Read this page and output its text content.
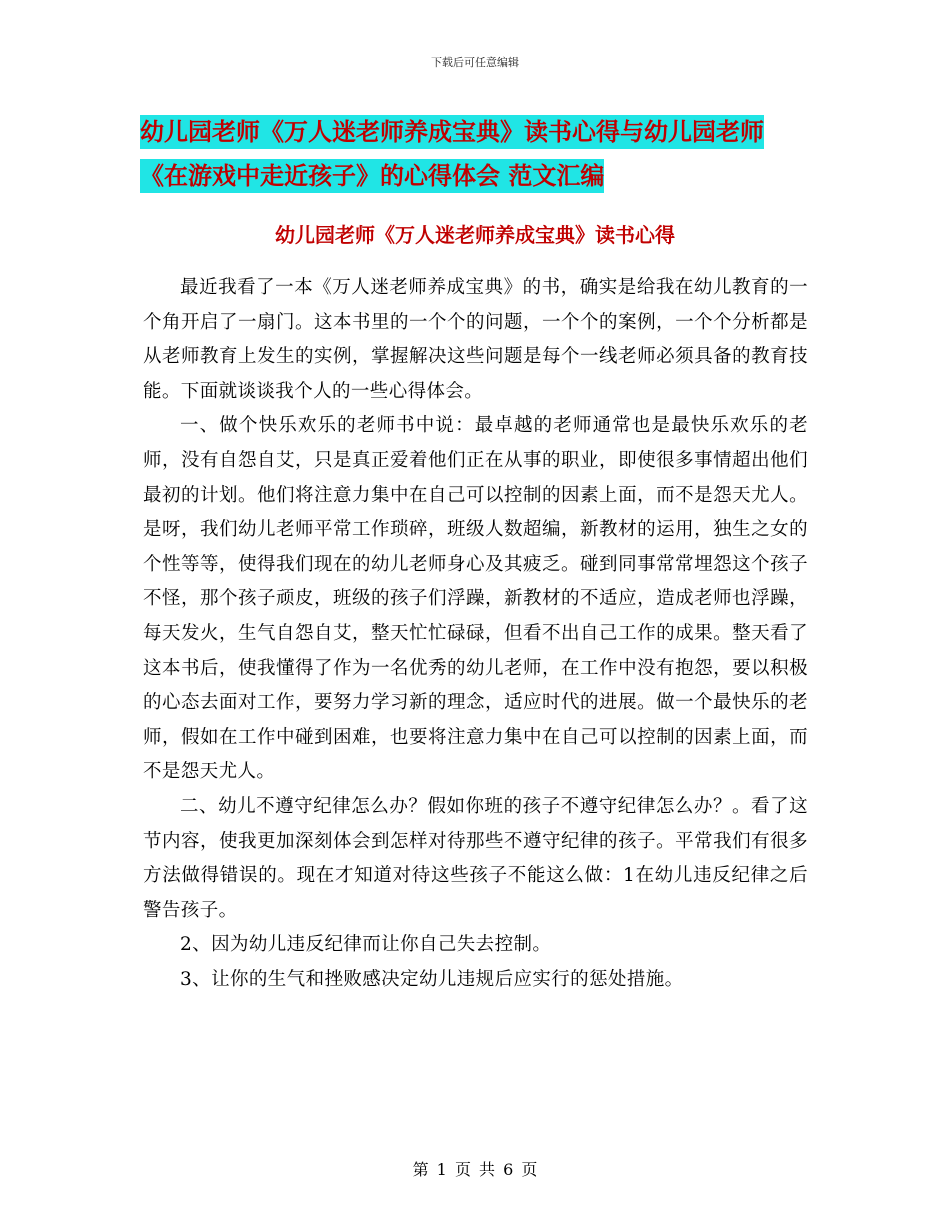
下载后可任意编辑
幼儿园老师《万人迷老师养成宝典》读书心得与幼儿园老师《在游戏中走近孩子》的心得体会 范文汇编
幼儿园老师《万人迷老师养成宝典》读书心得

最近我看了一本《万人迷老师养成宝典》的书，确实是给我在幼儿教育的一个角开启了一扇门。这本书里的一个个的问题，一个个的案例，一个个分析都是从老师教育上发生的实例，掌握解决这些问题是每个一线老师必须具备的教育技能。下面就谈谈我个人的一些心得体会。

一、做个快乐欢乐的老师书中说：最卓越的老师通常也是最快乐欢乐的老师，没有自怨自艾，只是真正爱着他们正在从事的职业，即使很多事情超出他们最初的计划。他们将注意力集中在自己可以控制的因素上面，而不是怨天尤人。是呀，我们幼儿老师平常工作琐碎，班级人数超编，新教材的运用，独生之女的个性等等，使得我们现在的幼儿老师身心及其疲乏。碰到同事常常埋怨这个孩子不怪，那个孩子顽皮，班级的孩子们浮躁，新教材的不适应，造成老师也浮躁，每天发火，生气自怨自艾，整天忙忙碌碌，但看不出自己工作的成果。整天看了这本书后，使我懂得了作为一名优秀的幼儿老师，在工作中没有抱怨，要以积极的心态去面对工作，要努力学习新的理念，适应时代的进展。做一个最快乐的老师，假如在工作中碰到困难，也要将注意力集中在自己可以控制的因素上面，而不是怨天尤人。

二、幼儿不遵守纪律怎么办？假如你班的孩子不遵守纪律怎么办？。看了这节内容，使我更加深刻体会到怎样对待那些不遵守纪律的孩子。平常我们有很多方法做得错误的。现在才知道对待这些孩子不能这么做：1在幼儿违反纪律之后警告孩子。

2、因为幼儿违反纪律而让你自己失去控制。

3、让你的生气和挫败感决定幼儿违规后应实行的惩处措施。

第 1 页 共 6 页
